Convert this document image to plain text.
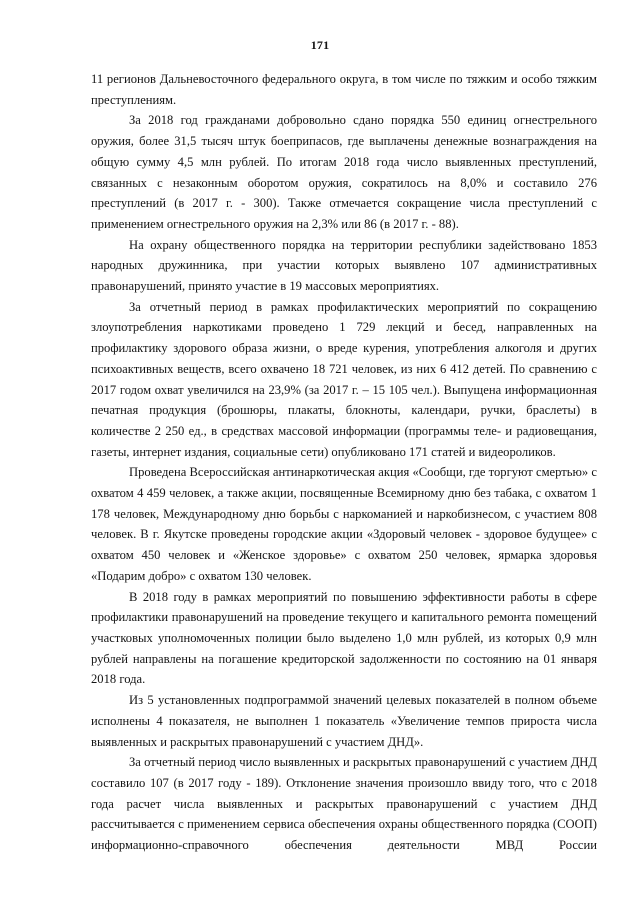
171

11 регионов Дальневосточного федерального округа, в том числе по тяжким и особо тяжким преступлениям.

За 2018 год гражданами добровольно сдано порядка 550 единиц огнестрельного оружия, более 31,5 тысяч штук боеприпасов, где выплачены денежные вознаграждения на общую сумму 4,5 млн рублей. По итогам 2018 года число выявленных преступлений, связанных с незаконным оборотом оружия, сократилось на 8,0% и составило 276 преступлений (в 2017 г. - 300). Также отмечается сокращение числа преступлений с применением огнестрельного оружия на 2,3% или 86 (в 2017 г. - 88).

На охрану общественного порядка на территории республики задействовано 1853 народных дружинника, при участии которых выявлено 107 административных правонарушений, принято участие в 19 массовых мероприятиях.

За отчетный период в рамках профилактических мероприятий по сокращению злоупотребления наркотиками проведено 1 729 лекций и бесед, направленных на профилактику здорового образа жизни, о вреде курения, употребления алкоголя и других психоактивных веществ, всего охвачено 18 721 человек, из них 6 412 детей. По сравнению с 2017 годом охват увеличился на 23,9% (за 2017 г. – 15 105 чел.). Выпущена информационная печатная продукция (брошюры, плакаты, блокноты, календари, ручки, браслеты) в количестве 2 250 ед., в средствах массовой информации (программы теле- и радиовещания, газеты, интернет издания, социальные сети) опубликовано 171 статей и видеороликов.

Проведена Всероссийская антинаркотическая акция «Сообщи, где торгуют смертью» с охватом 4 459 человек, а также акции, посвященные Всемирному дню без табака, с охватом 1 178 человек, Международному дню борьбы с наркоманией и наркобизнесом, с участием 808 человек. В г. Якутске проведены городские акции «Здоровый человек - здоровое будущее» с охватом 450 человек и «Женское здоровье» с охватом 250 человек, ярмарка здоровья «Подарим добро» с охватом 130 человек.

В 2018 году в рамках мероприятий по повышению эффективности работы в сфере профилактики правонарушений на проведение текущего и капитального ремонта помещений участковых уполномоченных полиции было выделено 1,0 млн рублей, из которых 0,9 млн рублей направлены на погашение кредиторской задолженности по состоянию на 01 января 2018 года.

Из 5 установленных подпрограммой значений целевых показателей в полном объеме исполнены 4 показателя, не выполнен 1 показатель «Увеличение темпов прироста числа выявленных и раскрытых правонарушений с участием ДНД».

За отчетный период число выявленных и раскрытых правонарушений с участием ДНД составило 107 (в 2017 году - 189). Отклонение значения произошло ввиду того, что с 2018 года расчет числа выявленных и раскрытых правонарушений с участием ДНД рассчитывается с применением сервиса обеспечения охраны общественного порядка (СООП) информационно-справочного обеспечения деятельности МВД России
